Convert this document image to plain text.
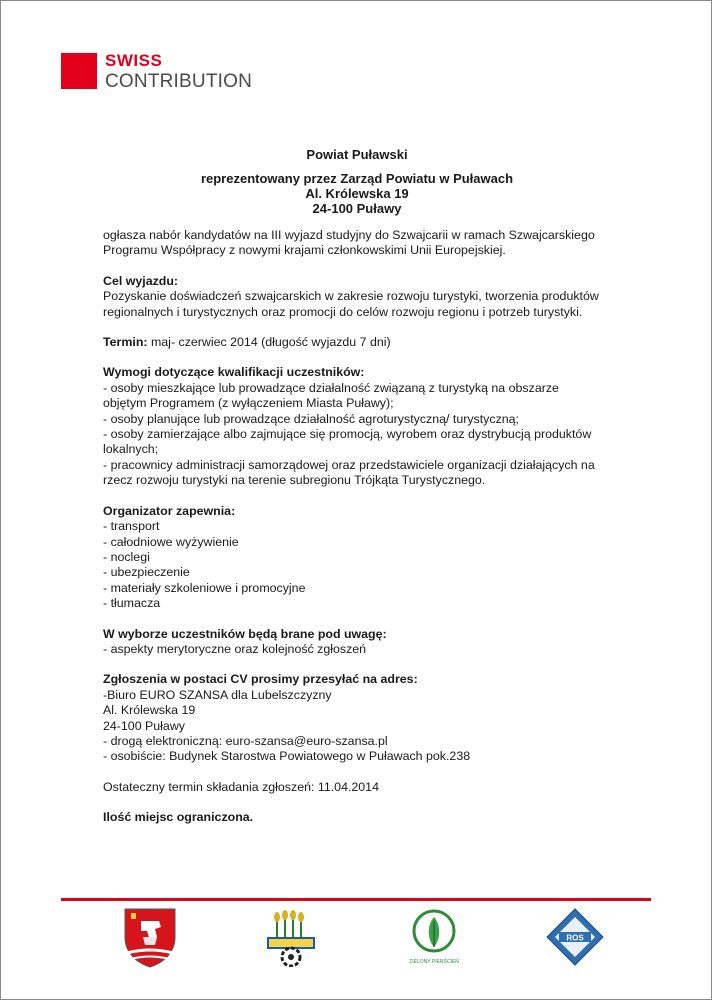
SWISS
CONTRIBUTION
Powiat Puławski
reprezentowany przez Zarząd Powiatu w Puławach
Al. Królewska 19
24-100 Puławy

ogłasza nabór kandydatów na III wyjazd studyjny do Szwajcarii w ramach Szwajcarskiego
Programu Współpracy z nowymi krajami członkowskimi Unii Europejskiej.

Cel wyjazdu:
Pozyskanie doświadczeń szwajcarskich w zakresie rozwoju turystyki, tworzenia produktów
regionalnych i turystycznych oraz promocji do celów rozwoju regionu i potrzeb turystyki.

Termin: maj- czerwiec 2014 (długość wyjazdu 7 dni)

Wymogi dotyczące kwalifikacji uczestników:
- osoby mieszkające lub prowadzące działalność związaną z turystyką na obszarze
objętym Programem (z wyłączeniem Miasta Puławy);
- osoby planujące lub prowadzące działalność agroturystyczną/ turystyczną;
- osoby zamierzające albo zajmujące się promocją, wyrobem oraz dystrybucją produktów
lokalnych;
- pracownicy administracji samorządowej oraz przedstawiciele organizacji działających na
rzecz rozwoju turystyki na terenie subregionu Trójkąta Turystycznego.

Organizator zapewnia:
- transport
- całodniowe wyżywienie
- noclegi
- ubezpieczenie
- materiały szkoleniowe i promocyjne
- tłumacza

W wyborze uczestników będą brane pod uwagę:
- aspekty merytoryczne oraz kolejność zgłoszeń

Zgłoszenia w postaci CV prosimy przesyłać na adres:
-Biuro EURO SZANSA dla Lubelszczyzny
Al. Królewska 19
24-100 Puławy
- drogą elektroniczną: euro-szansa@euro-szansa.pl
- osobiście: Budynek Starostwa Powiatowego w Puławach pok.238

Ostateczny termin składania zgłoszeń: 11.04.2014

Ilość miejsc ograniczona.

ZIELONY PIERŚCIEŃ
ROS
